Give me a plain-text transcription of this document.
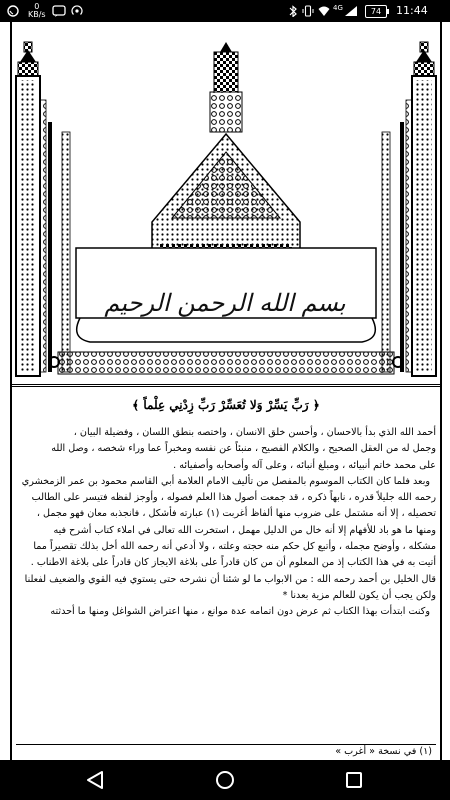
0
KB/s
4G	74	11:44
بسم الله الرحمن الرحيم
﴿ رَبِّ يَسِّرْ وَلا تُعَسِّرْ رَبِّ زِدْنِي عِلْماً ﴾

أحمد الله الذي بدأ بالاحسان ، وأحسن خلق الانسان ، واختصه بنطق اللسان ، وفضيلة البيان ،

وجمل له من العقل الصحيح ، والكلام الفصيح ، منبئاً عن نفسه ومخبراً عما وراء شخصه ، وصل الله

على محمد خاتم أنبيائه ، ومبلغ أنبائه ، وعلى آله وأصحابه وأصفيائه .

وبعد فلما كان الكتاب الموسوم بالمفصل من تأليف الامام العلامة أبي القاسم محمود بن عمر الزمخشري

رحمه الله جليلاً قدره ، نابهاً ذكره ، قد جمعت أصول هذا العلم فصوله ، وأوجز لفظه فتيسر على الطالب

تحصيله ، إلا أنه مشتمل على ضروب منها ألفاظ أغربت (١) عبارته فأشكل ، فانجذبه معان فهو مجمل ،

ومنها ما هو باد للأفهام إلا أنه خال من الدليل مهمل ، استخرت الله تعالى في املاء كتاب أشرح فيه

مشكله ، وأوضح مجمله ، وأتبع كل حكم منه حجته وعلته ، ولا أدعي أنه رحمه الله أخل بذلك تقصيراً مما

أتيت به في هذا الكتاب إذ من المعلوم أن من كان قادراً على بلاغة الايجاز كان قادراً على بلاغة الاطناب .

قال الخليل بن أحمد رحمه الله : من الابواب ما لو شئنا أن نشرحه حتى يستوي فيه القوي والضعيف لفعلنا

ولكن يجب أن يكون للعالم مزية بعدنا *

وكنت ابتدأت بهذا الكتاب ثم عرض دون اتمامه عدة موانع ، منها اعتراض الشواغل ومنها ما أحدثته

(١) في نسخة « أغرب »
